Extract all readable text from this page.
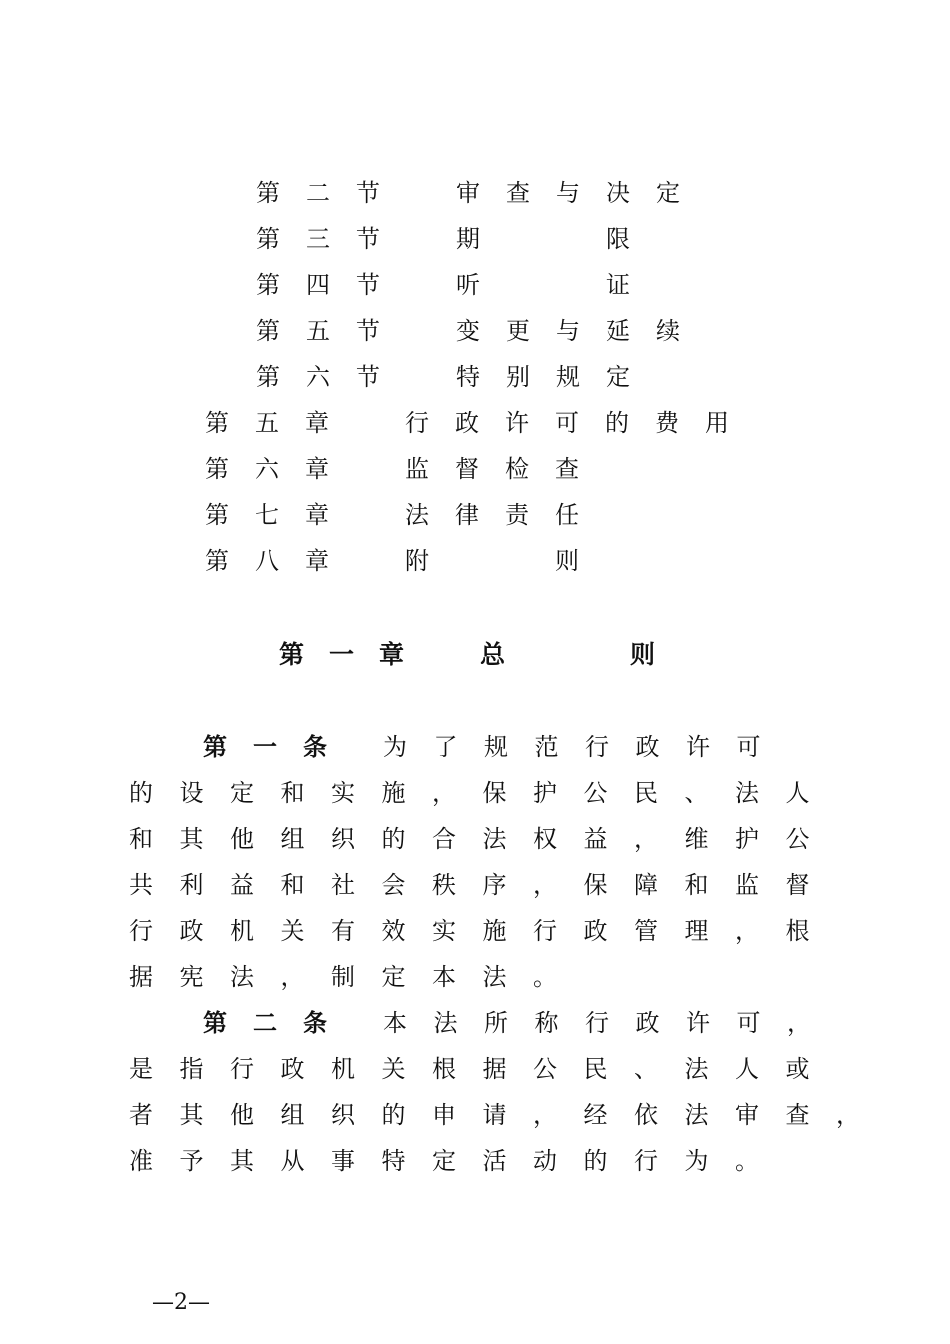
第二节 审查与决定
第三节 期　　限
第四节 听　　证
第五节 变更与延续
第六节 特别规定
第五章 行政许可的费用
第六章 监督检查
第七章 法律责任
第八章 附　　则
第一章 总	则
第一条 为了规范行政许可
的设定和实施，保护公民、法人
和其他组织的合法权益，维护公
共利益和社会秩序，保障和监督
行政机关有效实施行政管理，根
据宪法，制定本法。
第二条 本法所称行政许可，
是指行政机关根据公民、法人或
者其他组织的申请，经依法审查，
准予其从事特定活动的行为。
—2—
